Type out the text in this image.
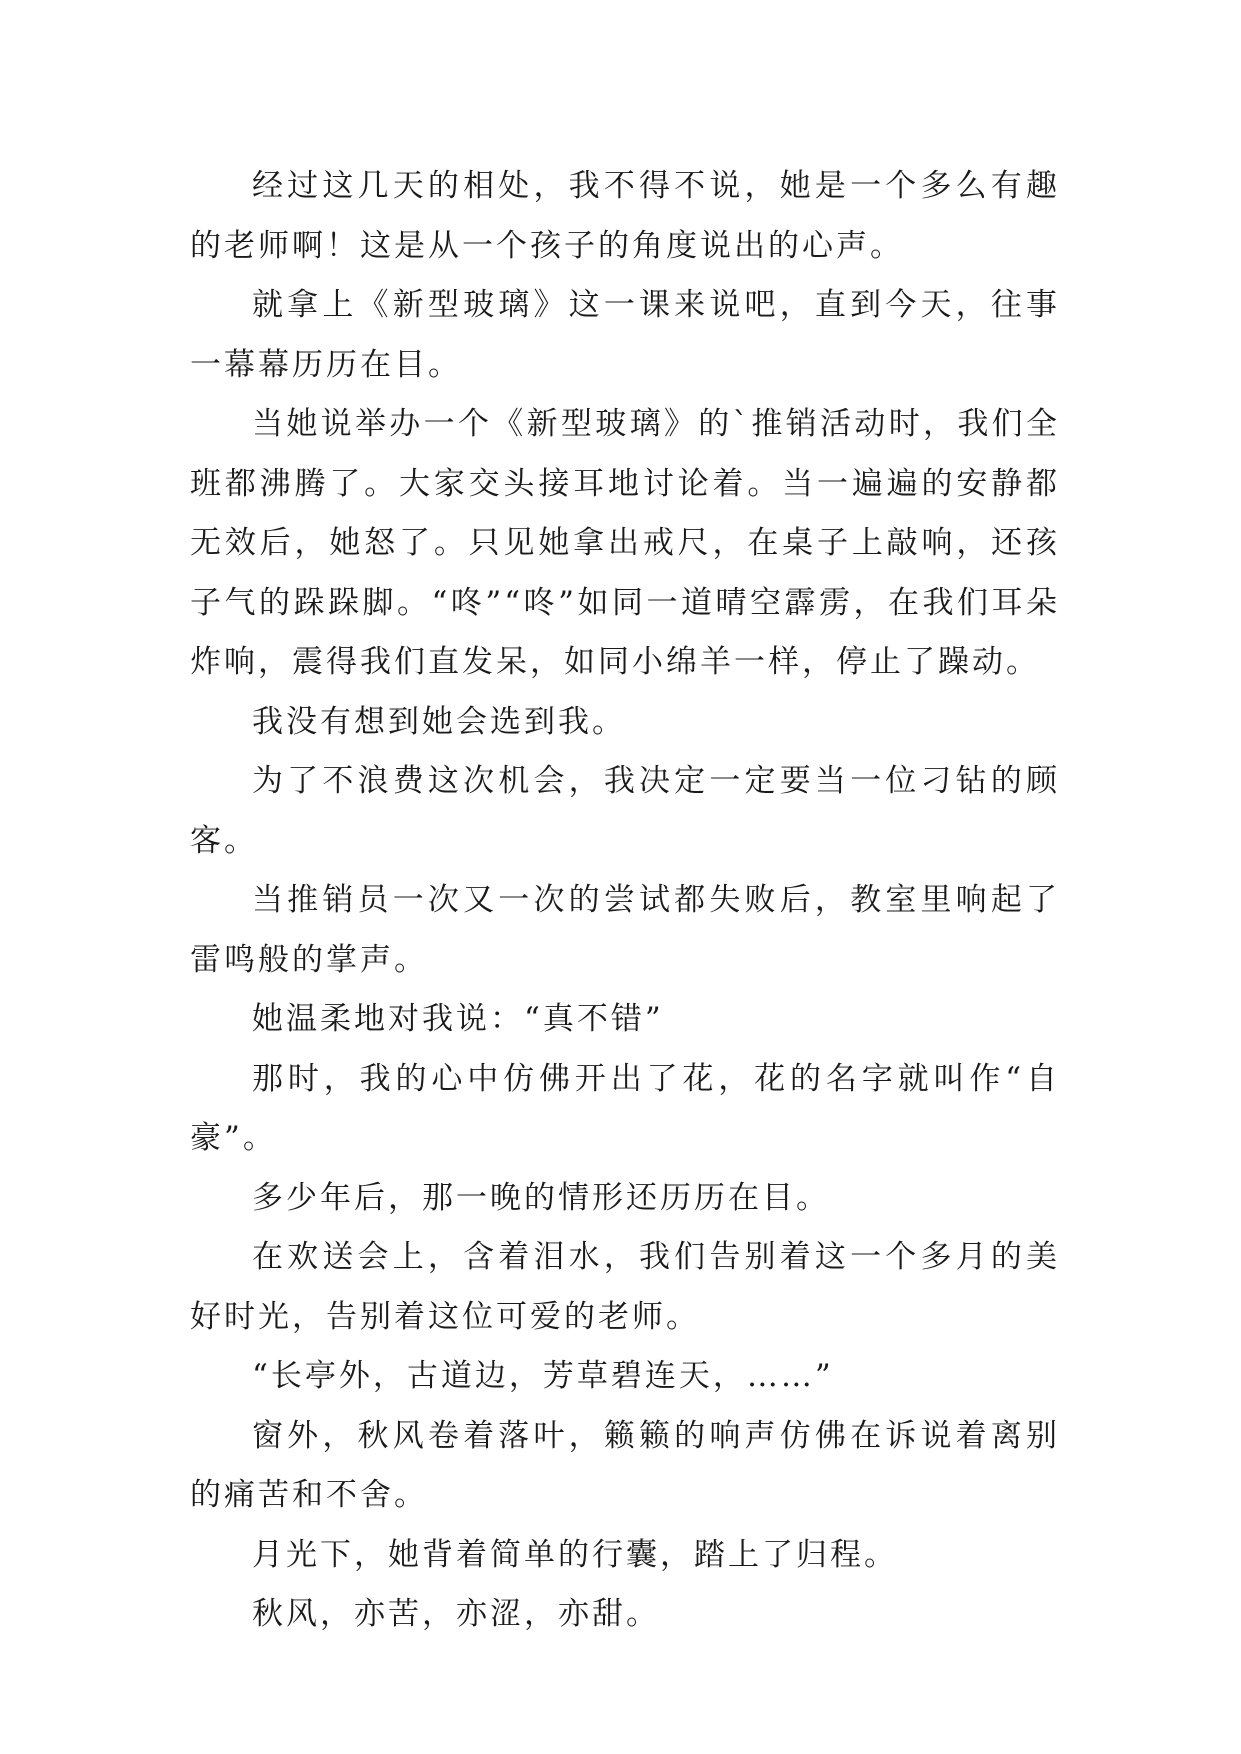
经过这几天的相处，我不得不说，她是一个多么有趣的老师啊！这是从一个孩子的角度说出的心声。

就拿上《新型玻璃》这一课来说吧，直到今天，往事一幕幕历历在目。

当她说举办一个《新型玻璃》的`推销活动时，我们全班都沸腾了。大家交头接耳地讨论着。当一遍遍的安静都无效后，她怒了。只见她拿出戒尺，在桌子上敲响，还孩子气的跺跺脚。“咚”“咚”如同一道晴空霹雳，在我们耳朵炸响，震得我们直发呆，如同小绵羊一样，停止了躁动。

我没有想到她会选到我。

为了不浪费这次机会，我决定一定要当一位刁钻的顾客。

当推销员一次又一次的尝试都失败后，教室里响起了雷鸣般的掌声。

她温柔地对我说：“真不错”

那时，我的心中仿佛开出了花，花的名字就叫作“自豪”。

多少年后，那一晚的情形还历历在目。

在欢送会上，含着泪水，我们告别着这一个多月的美好时光，告别着这位可爱的老师。

“长亭外，古道边，芳草碧连天，……”

窗外，秋风卷着落叶，籁籁的响声仿佛在诉说着离别的痛苦和不舍。

月光下，她背着简单的行囊，踏上了归程。

秋风，亦苦，亦涩，亦甜。
